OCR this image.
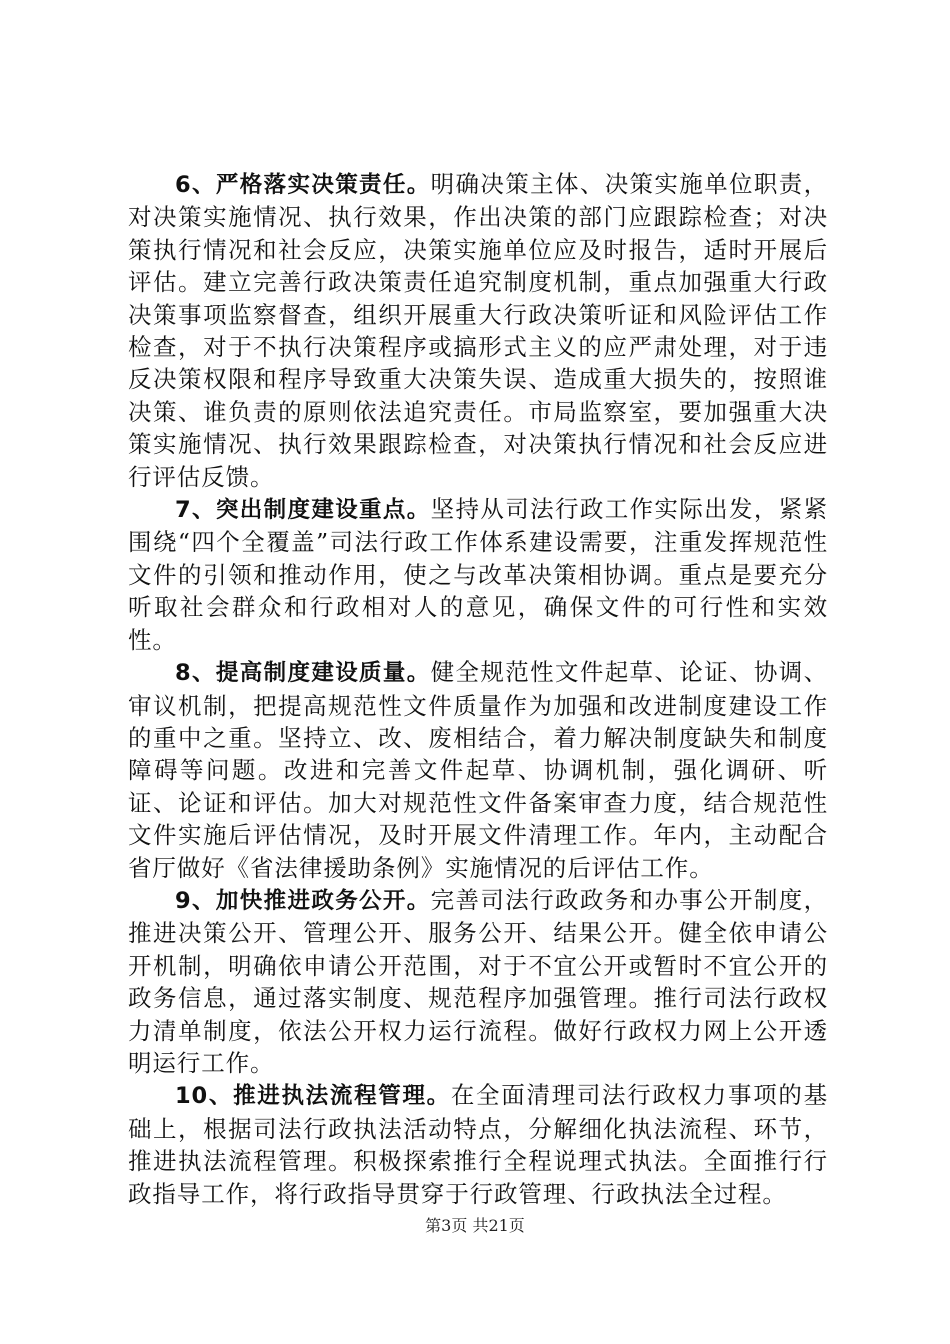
6、严格落实决策责任。明确决策主体、决策实施单位职责，对决策实施情况、执行效果，作出决策的部门应跟踪检查；对决策执行情况和社会反应，决策实施单位应及时报告，适时开展后评估。建立完善行政决策责任追究制度机制，重点加强重大行政决策事项监察督查，组织开展重大行政决策听证和风险评估工作检查，对于不执行决策程序或搞形式主义的应严肃处理，对于违反决策权限和程序导致重大决策失误、造成重大损失的，按照谁决策、谁负责的原则依法追究责任。市局监察室，要加强重大决策实施情况、执行效果跟踪检查，对决策执行情况和社会反应进行评估反馈。

7、突出制度建设重点。坚持从司法行政工作实际出发，紧紧围绕“四个全覆盖”司法行政工作体系建设需要，注重发挥规范性文件的引领和推动作用，使之与改革决策相协调。重点是要充分听取社会群众和行政相对人的意见，确保文件的可行性和实效性。

8、提高制度建设质量。健全规范性文件起草、论证、协调、审议机制，把提高规范性文件质量作为加强和改进制度建设工作的重中之重。坚持立、改、废相结合，着力解决制度缺失和制度障碍等问题。改进和完善文件起草、协调机制，强化调研、听证、论证和评估。加大对规范性文件备案审查力度，结合规范性文件实施后评估情况，及时开展文件清理工作。年内，主动配合省厅做好《省法律援助条例》实施情况的后评估工作。

9、加快推进政务公开。完善司法行政政务和办事公开制度，推进决策公开、管理公开、服务公开、结果公开。健全依申请公开机制，明确依申请公开范围，对于不宜公开或暂时不宜公开的政务信息，通过落实制度、规范程序加强管理。推行司法行政权力清单制度，依法公开权力运行流程。做好行政权力网上公开透明运行工作。

10、推进执法流程管理。在全面清理司法行政权力事项的基础上，根据司法行政执法活动特点，分解细化执法流程、环节，推进执法流程管理。积极探索推行全程说理式执法。全面推行行政指导工作，将行政指导贯穿于行政管理、行政执法全过程。

第3页 共21页
